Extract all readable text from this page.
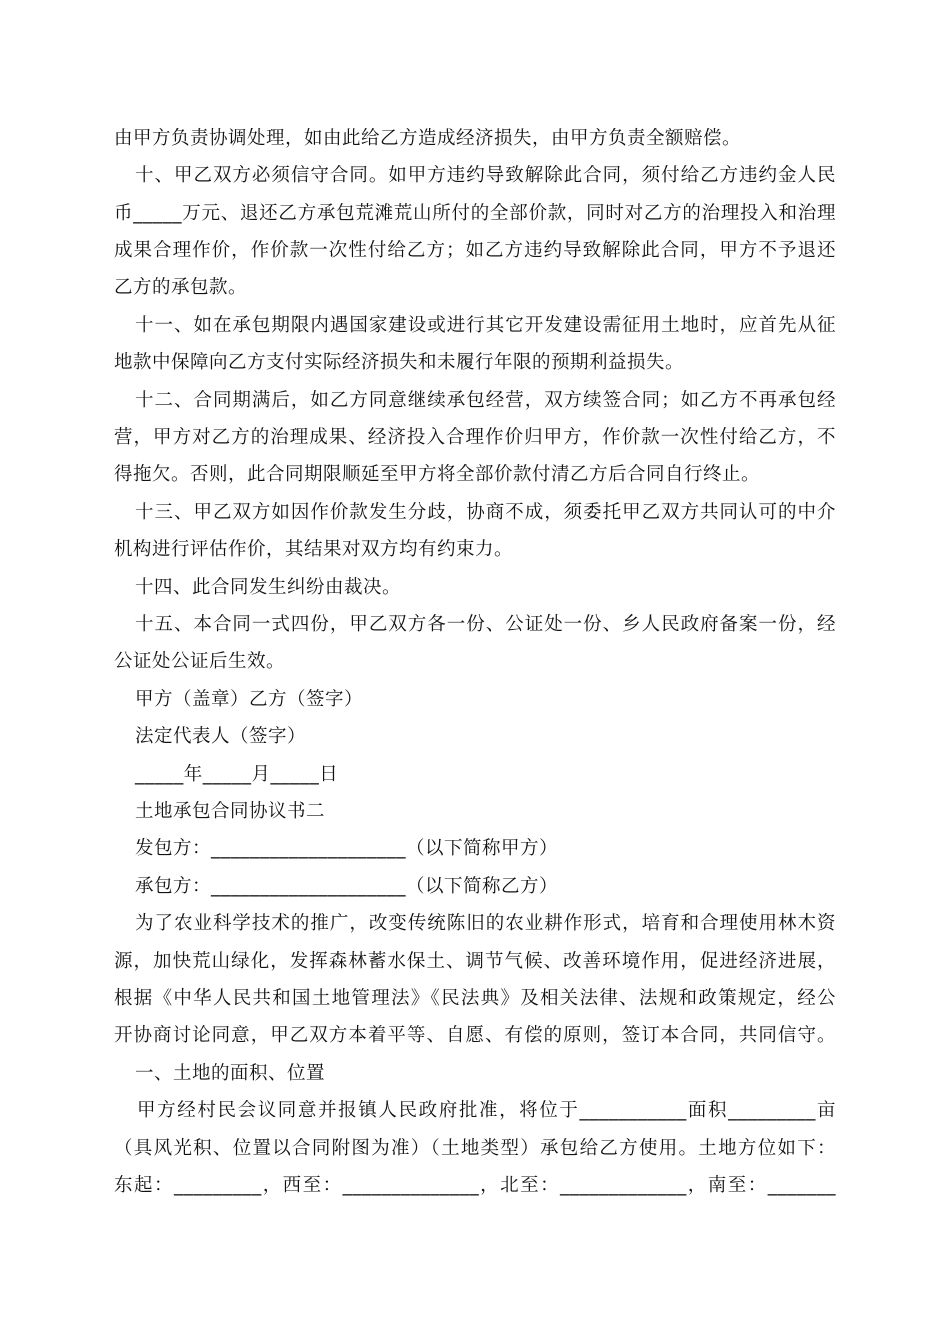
由甲方负责协调处理，如由此给乙方造成经济损失，由甲方负责全额赔偿。
十、甲乙双方必须信守合同。如甲方违约导致解除此合同，须付给乙方违约金人民
币_____万元、退还乙方承包荒滩荒山所付的全部价款，同时对乙方的治理投入和治理
成果合理作价，作价款一次性付给乙方；如乙方违约导致解除此合同，甲方不予退还
乙方的承包款。
十一、如在承包期限内遇国家建设或进行其它开发建设需征用土地时，应首先从征
地款中保障向乙方支付实际经济损失和未履行年限的预期利益损失。
十二、合同期满后，如乙方同意继续承包经营，双方续签合同；如乙方不再承包经
营，甲方对乙方的治理成果、经济投入合理作价归甲方，作价款一次性付给乙方，不
得拖欠。否则，此合同期限顺延至甲方将全部价款付清乙方后合同自行终止。
十三、甲乙双方如因作价款发生分歧，协商不成，须委托甲乙双方共同认可的中介
机构进行评估作价，其结果对双方均有约束力。
十四、此合同发生纠纷由裁决。
十五、本合同一式四份，甲乙双方各一份、公证处一份、乡人民政府备案一份，经
公证处公证后生效。
甲方（盖章）乙方（签字）
法定代表人（签字）
_____年_____月_____日
土地承包合同协议书二
发包方：____________________（以下简称甲方）
承包方：____________________（以下简称乙方）
为了农业科学技术的推广，改变传统陈旧的农业耕作形式，培育和合理使用林木资
源，加快荒山绿化，发挥森林蓄水保土、调节气候、改善环境作用，促进经济进展，
根据《中华人民共和国土地管理法》《民法典》及相关法律、法规和政策规定，经公
开协商讨论同意，甲乙双方本着平等、自愿、有偿的原则，签订本合同，共同信守。
一、土地的面积、位置
甲方经村民会议同意并报镇人民政府批准，将位于___________面积_________亩
（具风光积、位置以合同附图为准）（土地类型）承包给乙方使用。土地方位如下：
东起：_________，西至：______________，北至：_____________，南至：_______
